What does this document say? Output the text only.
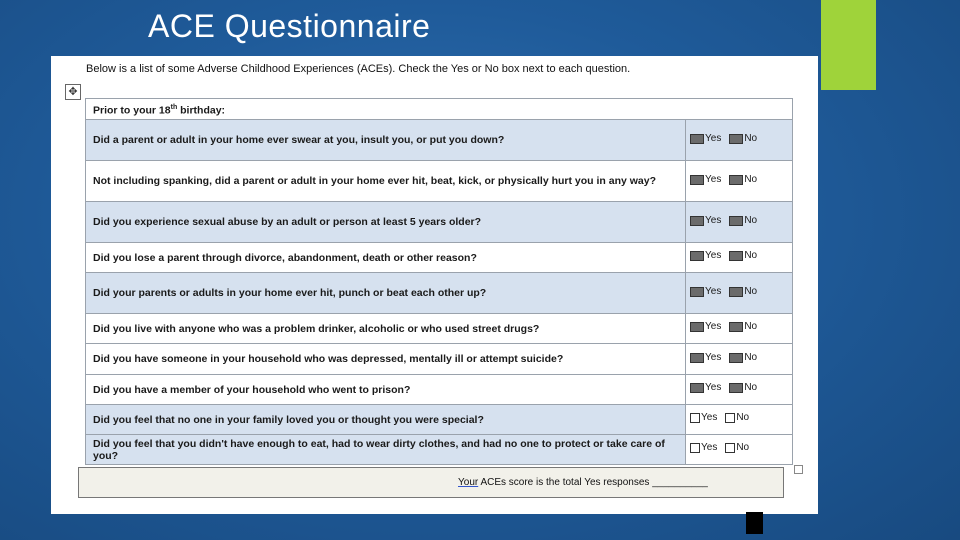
ACE Questionnaire
✥
Below is a list of some Adverse Childhood Experiences (ACEs). Check the Yes or No box next to each question.
Prior to your 18th birthday:	
Did a parent or adult in your home ever swear at you, insult you, or put you down?	Yes No

Not including spanking, did a parent or adult in your home ever hit, beat, kick, or physically hurt you in any way?	Yes No

Did you experience sexual abuse by an adult or person at least 5 years older?	Yes No

Did you lose a parent through divorce, abandonment, death or other reason?	Yes No

Did your parents or adults in your home ever hit, punch or beat each other up?	Yes No

Did you live with anyone who was a problem drinker, alcoholic or who used street drugs?	Yes No

Did you have someone in your household who was depressed, mentally ill or attempt suicide?	Yes No

Did you have a member of your household who went to prison?	Yes No

Did you feel that no one in your family loved you or thought you were special?	Yes No

Did you feel that you didn't have enough to eat, had to wear dirty clothes, and had no one to protect or take care of you?	Yes No
Your ACEs score is the total Yes responses __________
